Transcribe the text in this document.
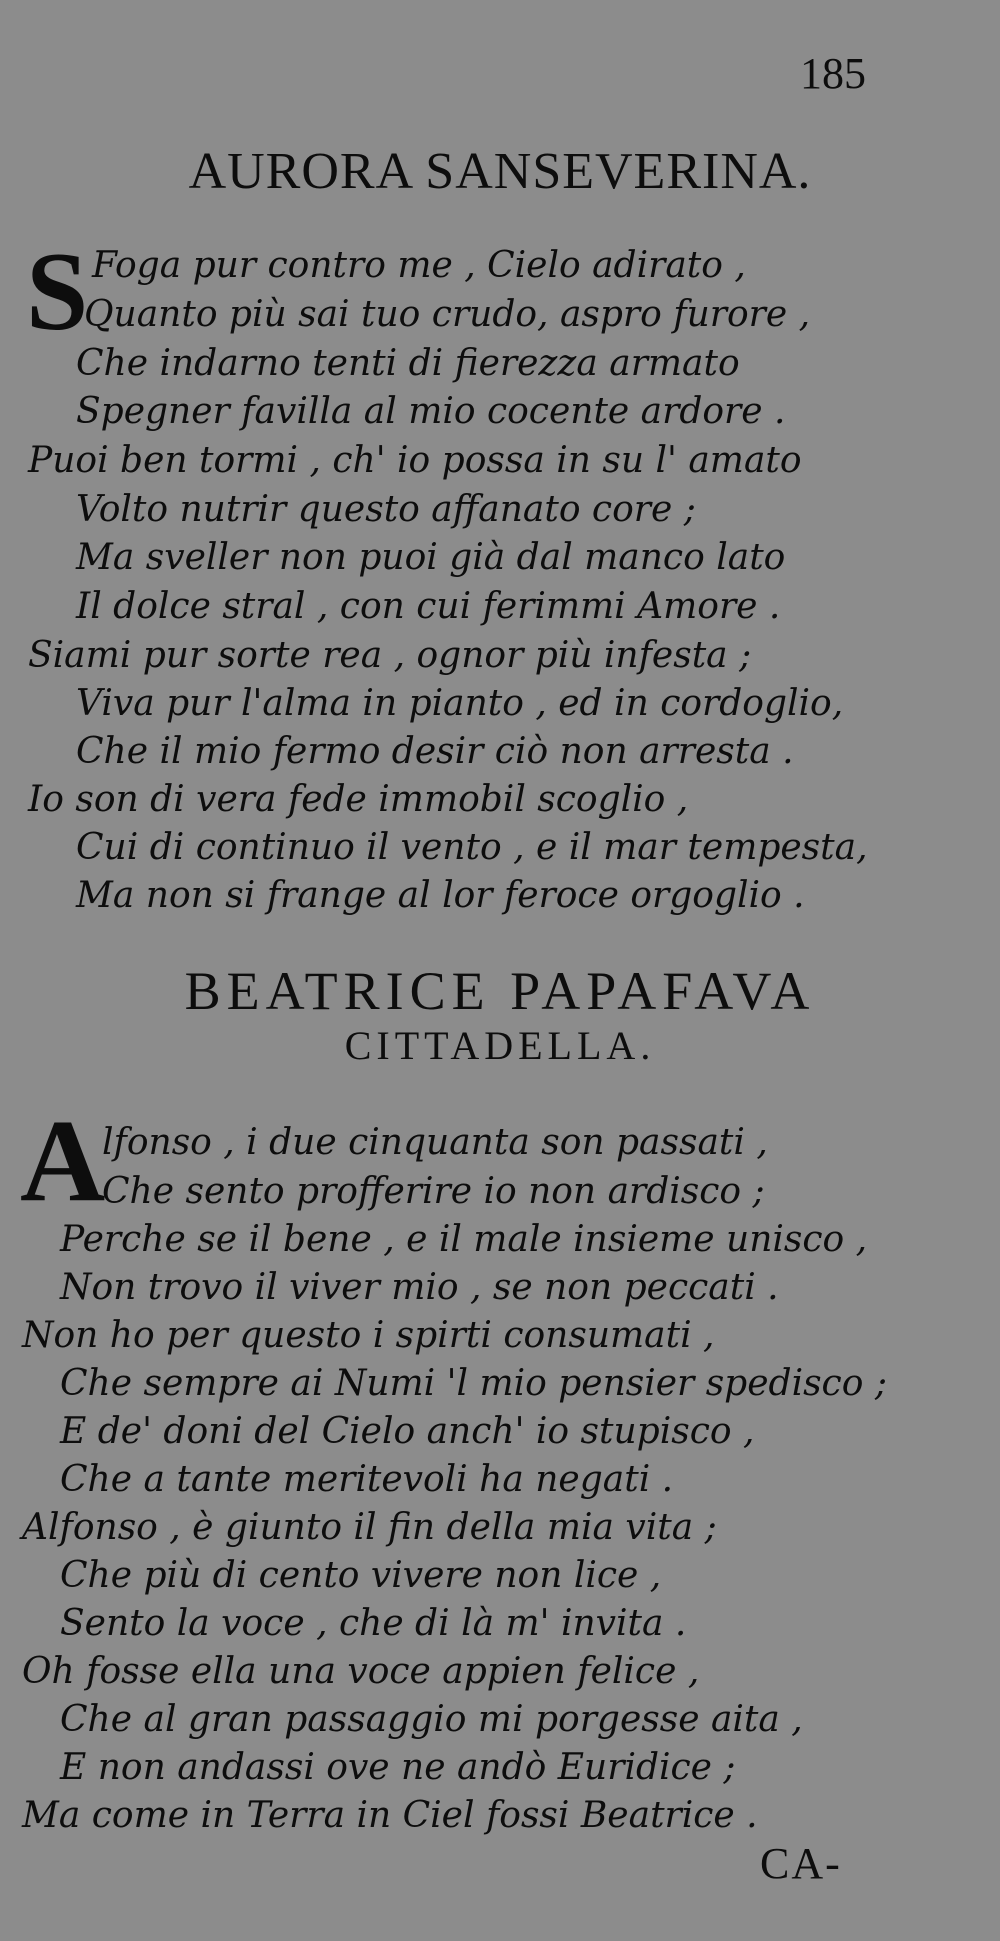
185
AURORA SANSEVERINA.
S Foga pur contro me , Cielo adirato ,
Quanto più sai tuo crudo, aspro furore ,
Che indarno tenti di fierezza armato
Spegner favilla al mio cocente ardore .
Puoi ben tormi , ch' io possa in su l' amato
Volto nutrir questo affanato core ;
Ma sveller non puoi già dal manco lato
Il dolce stral , con cui ferimmi Amore .
Siami pur sorte rea , ognor più infesta ;
Viva pur l'alma in pianto , ed in cordoglio,
Che il mio fermo desir ciò non arresta .
Io son di vera fede immobil scoglio ,
Cui di continuo il vento , e il mar tempesta,
Ma non si frange al lor feroce orgoglio .
BEATRICE PAPAFAVA
CITTADELLA.
A
lfonso , i due cinquanta son passati ,
Che sento profferire io non ardisco ;
Perche se il bene , e il male insieme unisco ,
Non trovo il viver mio , se non peccati .
Non ho per questo i spirti consumati ,
Che sempre ai Numi 'l mio pensier spedisco ;
E de' doni del Cielo anch' io stupisco ,
Che a tante meritevoli ha negati .
Alfonso , è giunto il fin della mia vita ;
Che più di cento vivere non lice ,
Sento la voce , che di là m' invita .
Oh fosse ella una voce appien felice ,
Che al gran passaggio mi porgesse aita ,
E non andassi ove ne andò Euridice ;
Ma come in Terra in Ciel fossi Beatrice .
CA-
